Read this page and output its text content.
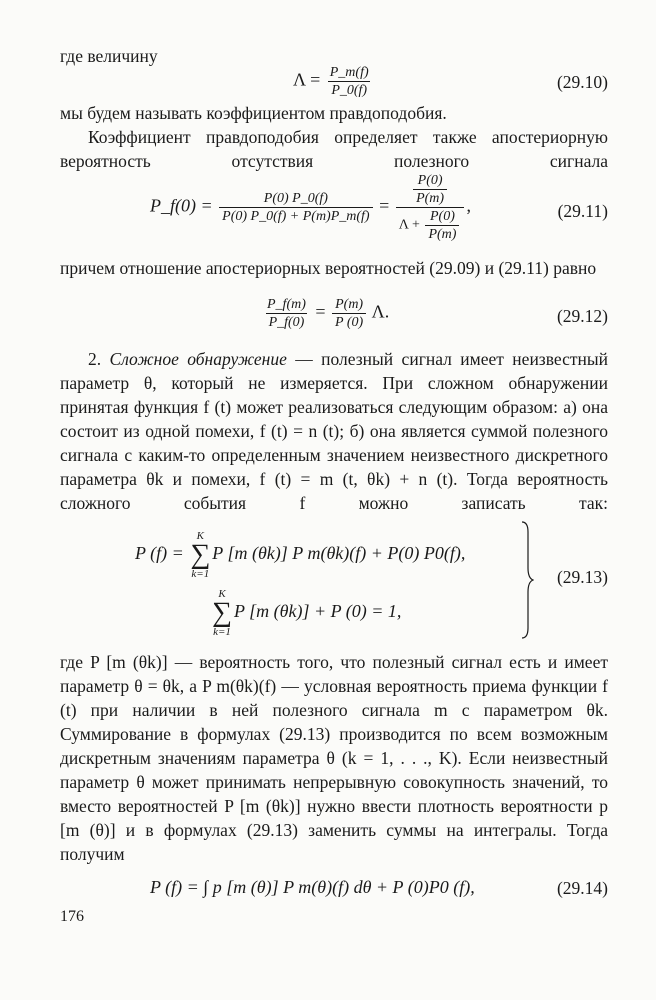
где величину

$\Lambda = \frac{P\_m(f)}{P\_0(f)}$	(29.10)

мы будем называть коэффициентом правдоподобия.

Коэффициент правдоподобия определяет также апостериорную вероятность отсутствия полезного сигнала

P_f(0) = $\frac{P(0) P\_0(f)}{P(0) P\_0(f) + P(m)P\_m(f)} = \frac{\frac{P(0)}{P(m)}}{\Lambda + \frac{P(0)}{P(m)}}$ ,	(29.11)

причем отношение апостериорных вероятностей (29.09) и (29.11) равно

$\frac{P\_f(m)}{P\_f(0)} = \frac{P(m)}{P (0)} \Lambda$.	(29.12)

2. Сложное обнаружение — полезный сигнал имеет неизвестный параметр θ, который не измеряется. При сложном обнаружении принятая функция f (t) может реализоваться следующим образом: а) она состоит из одной помехи, f (t) = n (t); б) она является суммой полезного сигнала с каким-то определенным значением неизвестного дискретного параметра θk и помехи, f (t) = m (t, θk) + n (t). Тогда вероятность сложного события f можно записать так:

P (f) =
K
∑
k=1
P [m (θk)] P m(θk)(f) + P(0) P0(f),
K
∑
k=1
P [m (θk)] + P (0) = 1,
(29.13)

где P [m (θk)] — вероятность того, что полезный сигнал есть и имеет параметр θ = θk, а P m(θk)(f) — условная вероятность приема функции f (t) при наличии в ней полезного сигнала m с параметром θk. Суммирование в формулах (29.13) производится по всем возможным дискретным значениям параметра θ (k = 1, . . ., K). Если неизвестный параметр θ может принимать непрерывную совокупность значений, то вместо вероятностей P [m (θk)] нужно ввести плотность вероятности p [m (θ)] и в формулах (29.13) заменить суммы на интегралы. Тогда получим

P (f) = ∫ p [m (θ)] P m(θ)(f) dθ + P (0)P0 (f),	(29.14)
176
